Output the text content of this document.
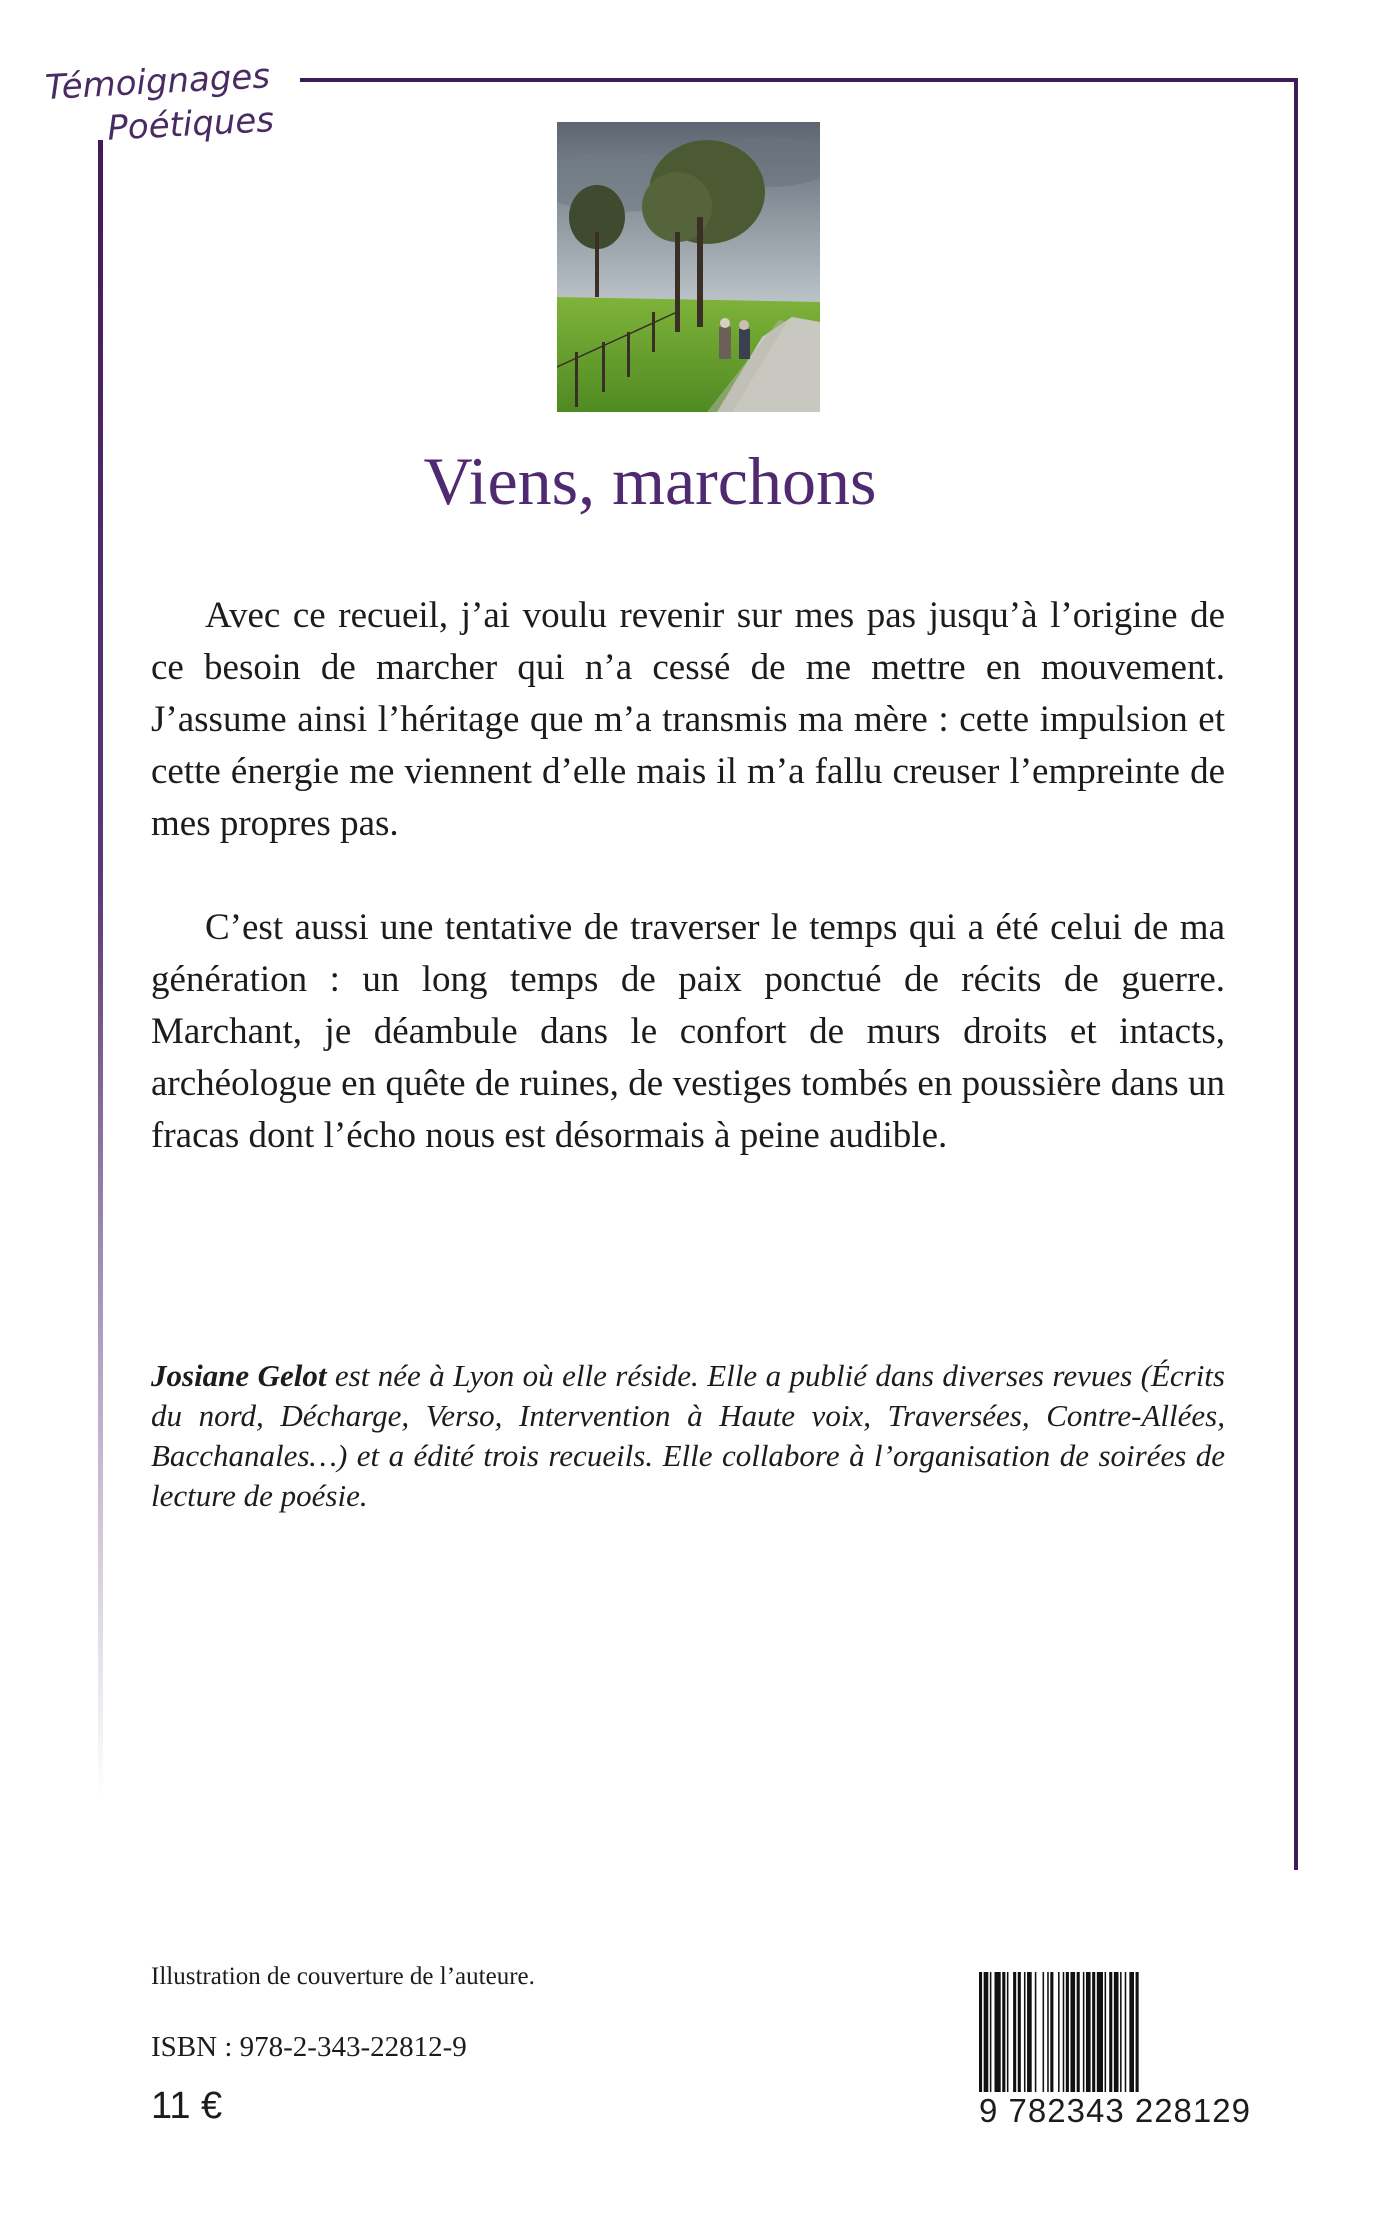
Témoignages
Poétiques
Viens, marchons

Avec ce recueil, j’ai voulu revenir sur mes pas jusqu’à l’origine de ce besoin de marcher qui n’a cessé de me mettre en mouvement. J’assume ainsi l’héritage que m’a transmis ma mère : cette impulsion et cette énergie me viennent d’elle mais il m’a fallu creuser l’empreinte de mes propres pas.

C’est aussi une tentative de traverser le temps qui a été celui de ma génération : un long temps de paix ponctué de récits de guerre. Marchant, je déambule dans le confort de murs droits et intacts, archéologue en quête de ruines, de vestiges tombés en poussière dans un fracas dont l’écho nous est désormais à peine audible.

Josiane Gelot est née à Lyon où elle réside. Elle a publié dans diverses revues (Écrits du nord, Décharge, Verso, Intervention à Haute voix, Traversées, Contre-Allées, Bacchanales…) et a édité trois recueils. Elle collabore à l’organisation de soirées de lecture de poésie.

Illustration de couverture de l’auteure.
ISBN : 978-2-343-22812-9
11 €	9 782343 228129
